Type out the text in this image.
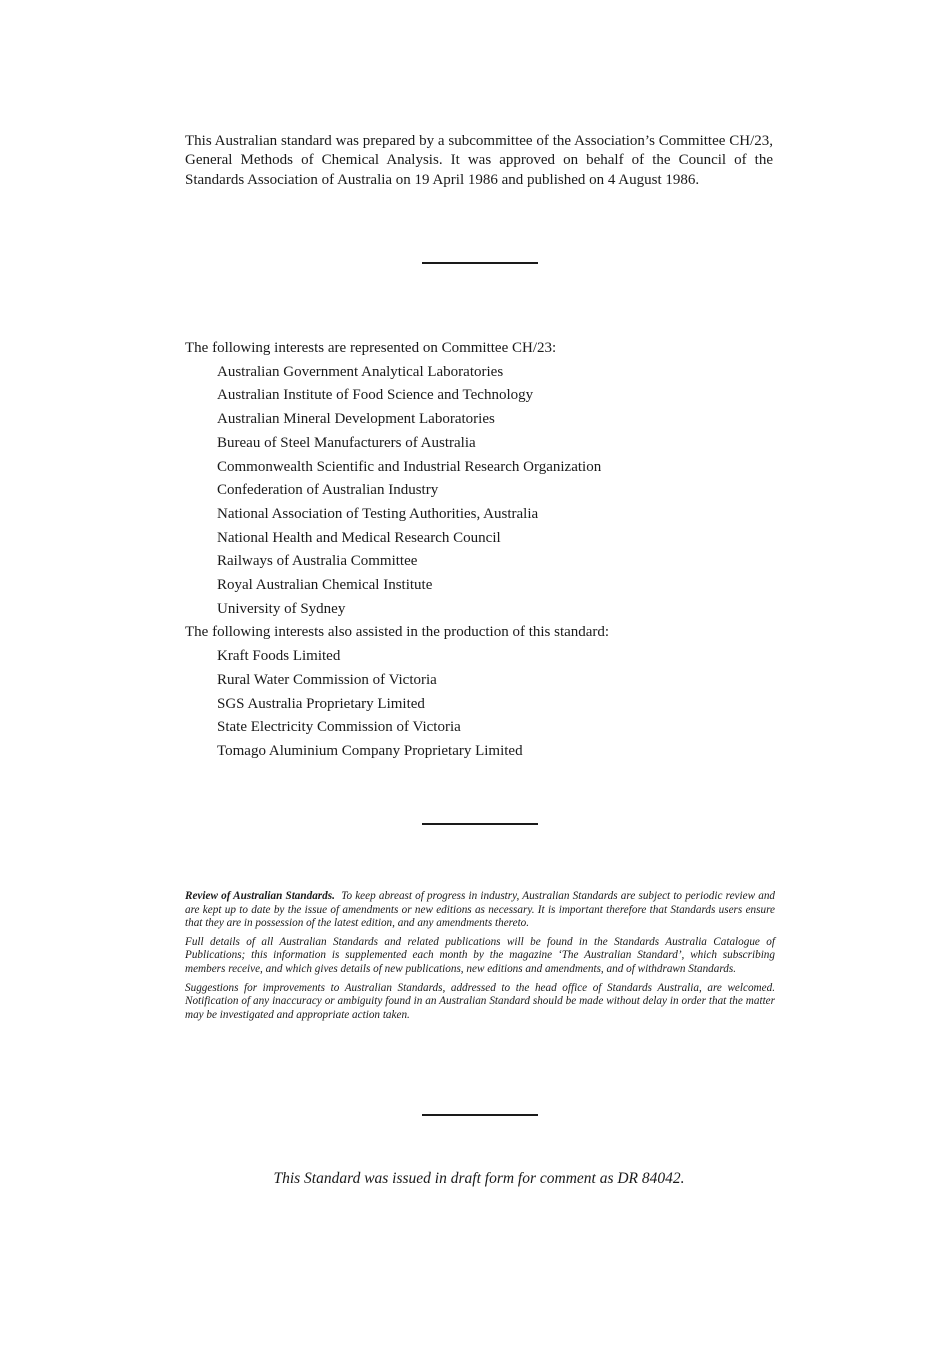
This Australian standard was prepared by a subcommittee of the Association’s Committee CH/23, General Methods of Chemical Analysis. It was approved on behalf of the Council of the Standards Association of Australia on 19 April 1986 and published on 4 August 1986.

The following interests are represented on Committee CH/23:

Australian Government Analytical Laboratories
Australian Institute of Food Science and Technology
Australian Mineral Development Laboratories
Bureau of Steel Manufacturers of Australia
Commonwealth Scientific and Industrial Research Organization
Confederation of Australian Industry
National Association of Testing Authorities, Australia
National Health and Medical Research Council
Railways of Australia Committee
Royal Australian Chemical Institute
University of Sydney

The following interests also assisted in the production of this standard:

Kraft Foods Limited
Rural Water Commission of Victoria
SGS Australia Proprietary Limited
State Electricity Commission of Victoria
Tomago Aluminium Company Proprietary Limited

Review of Australian Standards. To keep abreast of progress in industry, Australian Standards are subject to periodic review and are kept up to date by the issue of amendments or new editions as necessary. It is important therefore that Standards users ensure that they are in possession of the latest edition, and any amendments thereto.

Full details of all Australian Standards and related publications will be found in the Standards Australia Catalogue of Publications; this information is supplemented each month by the magazine ‘The Australian Standard’, which subscribing members receive, and which gives details of new publications, new editions and amendments, and of withdrawn Standards.

Suggestions for improvements to Australian Standards, addressed to the head office of Standards Australia, are welcomed. Notification of any inaccuracy or ambiguity found in an Australian Standard should be made without delay in order that the matter may be investigated and appropriate action taken.

This Standard was issued in draft form for comment as DR 84042.
